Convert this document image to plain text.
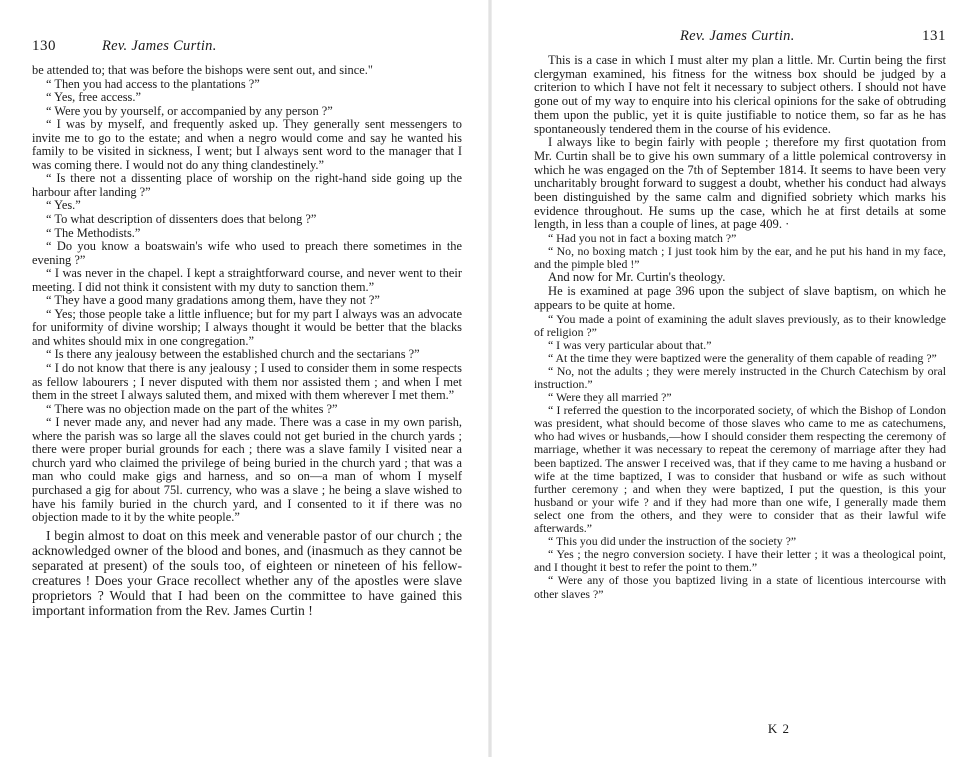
130	Rev. James Curtin.

be attended to; that was before the bishops were sent out, and since."

“ Then you had access to the plantations ?”

“ Yes, free access.”

“ Were you by yourself, or accompanied by any person ?”

“ I was by myself, and frequently asked up. They generally sent messengers to invite me to go to the estate; and when a negro would come and say he wanted his family to be visited in sickness, I went; but I always sent word to the manager that I was coming there. I would not do any thing clandestinely.”

“ Is there not a dissenting place of worship on the right-hand side going up the harbour after landing ?”

“ Yes.”

“ To what description of dissenters does that belong ?”

“ The Methodists.”

“ Do you know a boatswain's wife who used to preach there sometimes in the evening ?”

“ I was never in the chapel. I kept a straightforward course, and never went to their meeting. I did not think it consistent with my duty to sanction them.”

“ They have a good many gradations among them, have they not ?”

“ Yes; those people take a little influence; but for my part I always was an advocate for uniformity of divine worship; I always thought it would be better that the blacks and whites should mix in one congregation.”

“ Is there any jealousy between the established church and the sectarians ?”

“ I do not know that there is any jealousy ; I used to consider them in some respects as fellow labourers ; I never disputed with them nor assisted them ; and when I met them in the street I always saluted them, and mixed with them wherever I met them.”

“ There was no objection made on the part of the whites ?”

“ I never made any, and never had any made. There was a case in my own parish, where the parish was so large all the slaves could not get buried in the church yards ; there were proper burial grounds for each ; there was a slave family I visited near a church yard who claimed the privilege of being buried in the church yard ; that was a man who could make gigs and harness, and so on—a man of whom I myself purchased a gig for about 75l. currency, who was a slave ; he being a slave wished to have his family buried in the church yard, and I consented to it if there was no objection made to it by the white people.”

I begin almost to doat on this meek and venerable pastor of our church ; the acknowledged owner of the blood and bones, and (inasmuch as they cannot be separated at present) of the souls too, of eighteen or nineteen of his fellow-creatures ! Does your Grace recollect whether any of the apostles were slave proprietors ? Would that I had been on the committee to have gained this important information from the Rev. James Curtin !

Rev. James Curtin.	131

This is a case in which I must alter my plan a little. Mr. Curtin being the first clergyman examined, his fitness for the witness box should be judged by a criterion to which I have not felt it necessary to subject others. I should not have gone out of my way to enquire into his clerical opinions for the sake of obtruding them upon the public, yet it is quite justifiable to notice them, so far as he has spontaneously tendered them in the course of his evidence.

I always like to begin fairly with people ; therefore my first quotation from Mr. Curtin shall be to give his own summary of a little polemical controversy in which he was engaged on the 7th of September 1814. It seems to have been very uncharitably brought forward to suggest a doubt, whether his conduct had always been distinguished by the same calm and dignified sobriety which marks his evidence throughout. He sums up the case, which he at first details at some length, in less than a couple of lines, at page 409. ·

“ Had you not in fact a boxing match ?”

“ No, no boxing match ; I just took him by the ear, and he put his hand in my face, and the pimple bled !”

And now for Mr. Curtin's theology.

He is examined at page 396 upon the subject of slave baptism, on which he appears to be quite at home.

“ You made a point of examining the adult slaves previously, as to their knowledge of religion ?”

“ I was very particular about that.”

“ At the time they were baptized were the generality of them capable of reading ?”

“ No, not the adults ; they were merely instructed in the Church Catechism by oral instruction.”

“ Were they all married ?”

“ I referred the question to the incorporated society, of which the Bishop of London was president, what should become of those slaves who came to me as catechumens, who had wives or husbands,—how I should consider them respecting the ceremony of marriage, whether it was necessary to repeat the ceremony of marriage after they had been baptized. The answer I received was, that if they came to me having a husband or wife at the time baptized, I was to consider that husband or wife as such without further ceremony ; and when they were baptized, I put the question, is this your husband or your wife ? and if they had more than one wife, I generally made them select one from the others, and they were to consider that as their lawful wife afterwards.”

“ This you did under the instruction of the society ?”

“ Yes ; the negro conversion society. I have their letter ; it was a theological point, and I thought it best to refer the point to them.”

“ Were any of those you baptized living in a state of licentious intercourse with other slaves ?”

K 2
